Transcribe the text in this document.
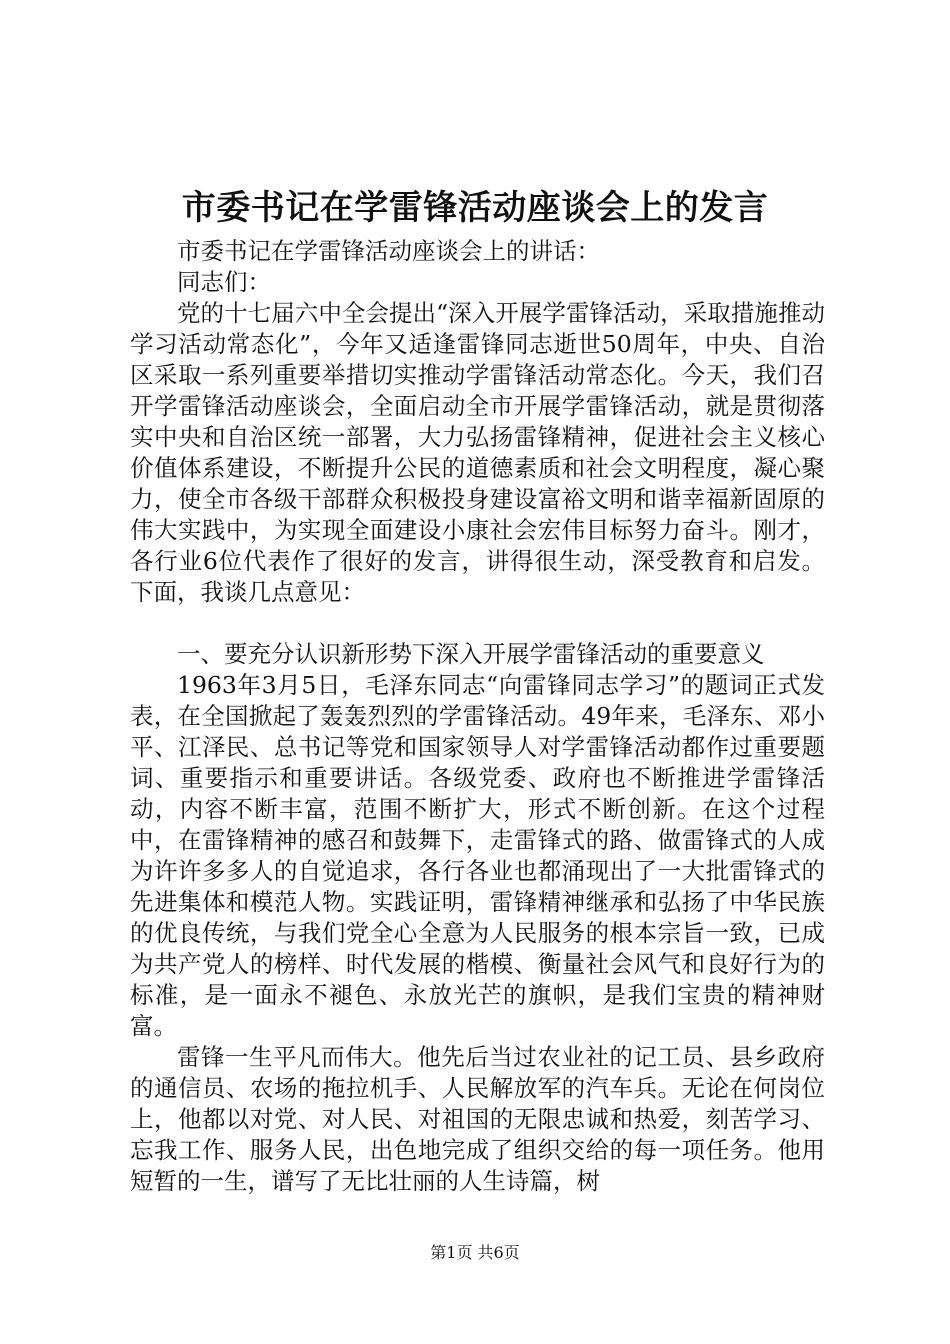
市委书记在学雷锋活动座谈会上的发言

市委书记在学雷锋活动座谈会上的讲话：

同志们：

党的十七届六中全会提出“深入开展学雷锋活动，采取措施推动学习活动常态化”，今年又适逢雷锋同志逝世50周年，中央、自治区采取一系列重要举措切实推动学雷锋活动常态化。今天，我们召开学雷锋活动座谈会，全面启动全市开展学雷锋活动，就是贯彻落实中央和自治区统一部署，大力弘扬雷锋精神，促进社会主义核心价值体系建设，不断提升公民的道德素质和社会文明程度，凝心聚力，使全市各级干部群众积极投身建设富裕文明和谐幸福新固原的伟大实践中，为实现全面建设小康社会宏伟目标努力奋斗。刚才，各行业6位代表作了很好的发言，讲得很生动，深受教育和启发。下面，我谈几点意见：

一、要充分认识新形势下深入开展学雷锋活动的重要意义

1963年3月5日，毛泽东同志“向雷锋同志学习”的题词正式发表，在全国掀起了轰轰烈烈的学雷锋活动。49年来，毛泽东、邓小平、江泽民、总书记等党和国家领导人对学雷锋活动都作过重要题词、重要指示和重要讲话。各级党委、政府也不断推进学雷锋活动，内容不断丰富，范围不断扩大，形式不断创新。在这个过程中，在雷锋精神的感召和鼓舞下，走雷锋式的路、做雷锋式的人成为许许多多人的自觉追求，各行各业也都涌现出了一大批雷锋式的先进集体和模范人物。实践证明，雷锋精神继承和弘扬了中华民族的优良传统，与我们党全心全意为人民服务的根本宗旨一致，已成为共产党人的榜样、时代发展的楷模、衡量社会风气和良好行为的标准，是一面永不褪色、永放光芒的旗帜，是我们宝贵的精神财富。

雷锋一生平凡而伟大。他先后当过农业社的记工员、县乡政府的通信员、农场的拖拉机手、人民解放军的汽车兵。无论在何岗位上，他都以对党、对人民、对祖国的无限忠诚和热爱，刻苦学习、忘我工作、服务人民，出色地完成了组织交给的每一项任务。他用短暂的一生，谱写了无比壮丽的人生诗篇，树

第1页 共6页
